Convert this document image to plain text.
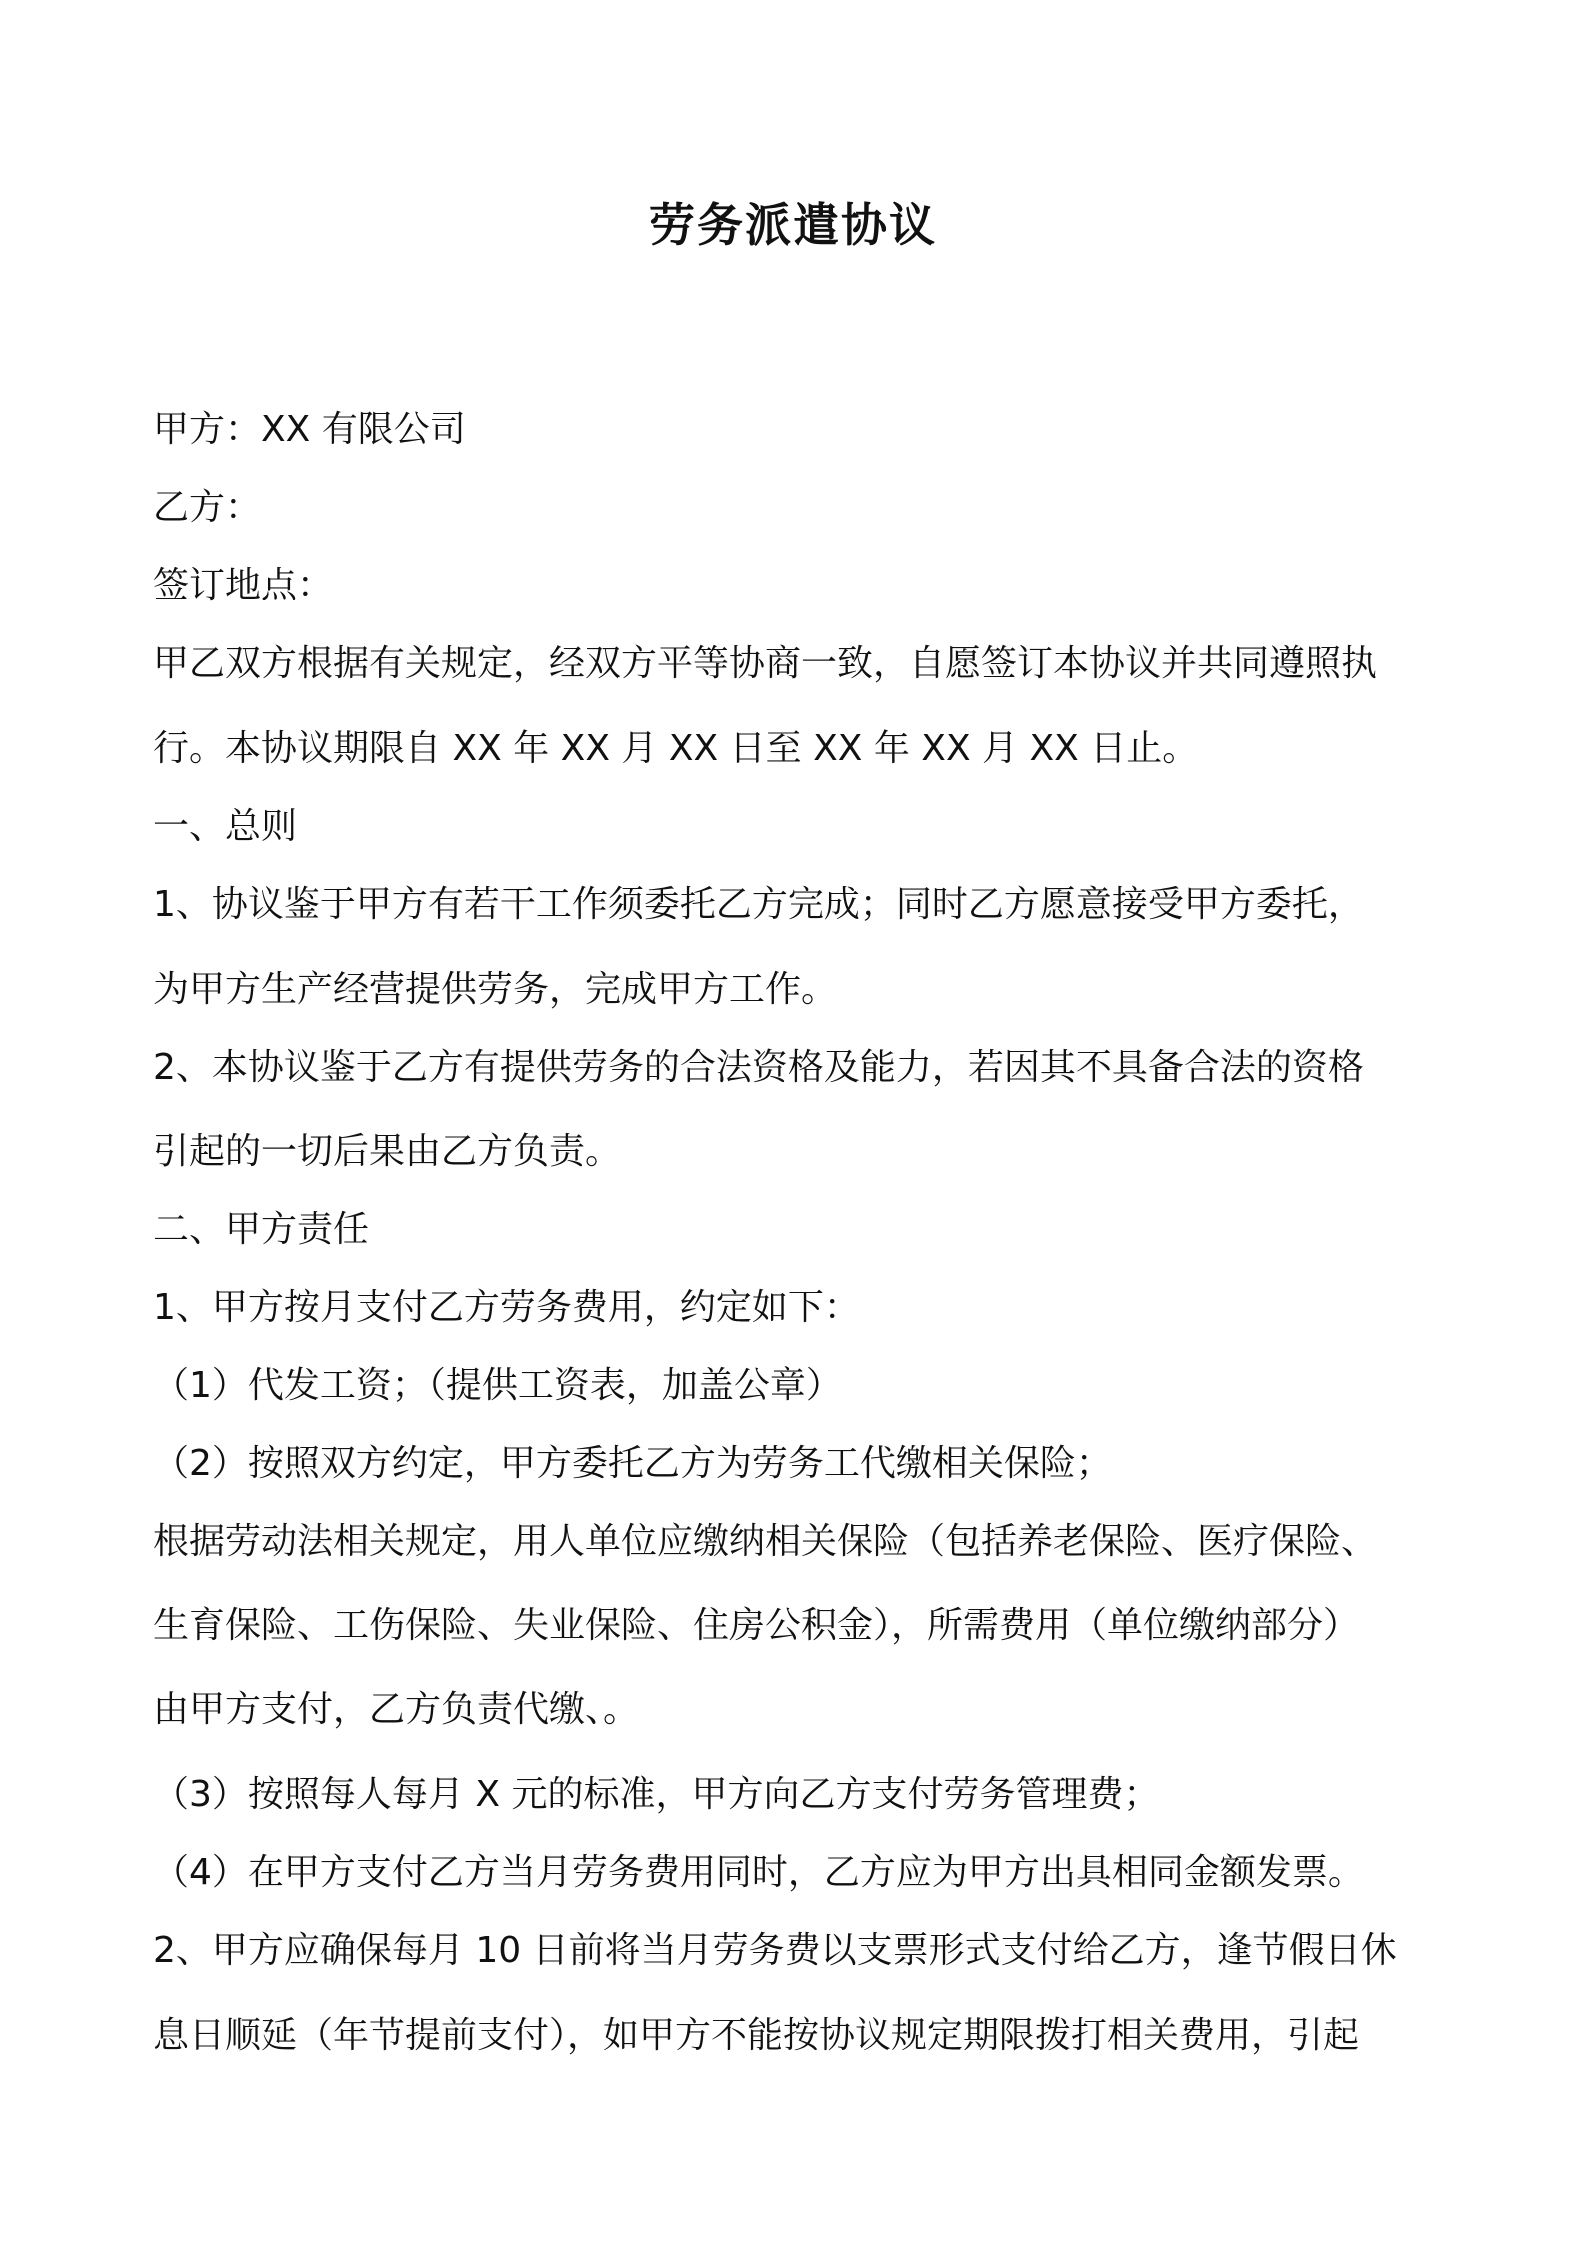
劳务派遣协议
甲方：XX 有限公司
乙方：
签订地点：
甲乙双方根据有关规定，经双方平等协商一致，自愿签订本协议并共同遵照执
行。本协议期限自 XX 年 XX 月 XX 日至 XX 年 XX 月 XX 日止。
一、总则
1、协议鉴于甲方有若干工作须委托乙方完成；同时乙方愿意接受甲方委托，
为甲方生产经营提供劳务，完成甲方工作。
2、本协议鉴于乙方有提供劳务的合法资格及能力，若因其不具备合法的资格
引起的一切后果由乙方负责。
二、甲方责任
1、甲方按月支付乙方劳务费用，约定如下：
（1）代发工资；（提供工资表，加盖公章）
（2）按照双方约定，甲方委托乙方为劳务工代缴相关保险；
根据劳动法相关规定，用人单位应缴纳相关保险（包括养老保险、医疗保险、
生育保险、工伤保险、失业保险、住房公积金），所需费用（单位缴纳部分）
由甲方支付，乙方负责代缴、。
（3）按照每人每月 X 元的标准，甲方向乙方支付劳务管理费；
（4）在甲方支付乙方当月劳务费用同时，乙方应为甲方出具相同金额发票。
2、甲方应确保每月 10 日前将当月劳务费以支票形式支付给乙方，逢节假日休
息日顺延（年节提前支付），如甲方不能按协议规定期限拨打相关费用，引起
